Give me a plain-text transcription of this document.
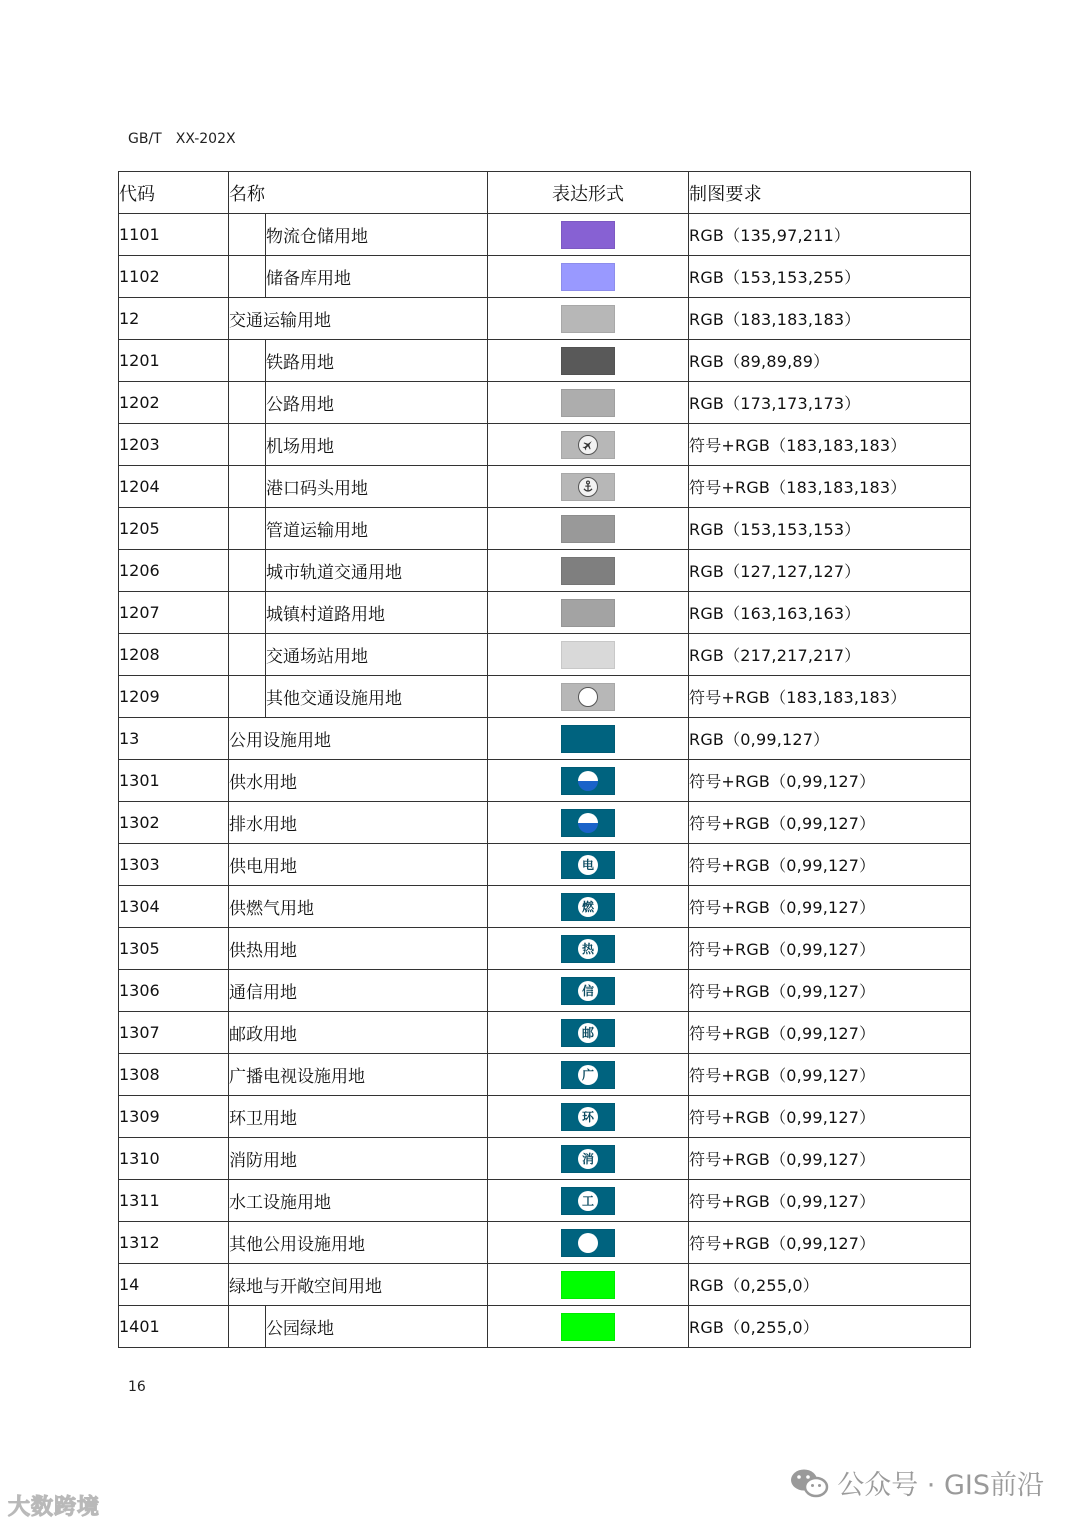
GB/T XX-202X
代码	名称		表达形式	制图要求
1101		物流仓储用地		RGB（135,97,211）
1102		储备库用地		RGB（153,153,255）
12	交通运输用地			RGB（183,183,183）
1201		铁路用地		RGB（89,89,89）
1202		公路用地		RGB（173,173,173）
1203		机场用地		符号+RGB（183,183,183）
1204		港口码头用地		符号+RGB（183,183,183）
1205		管道运输用地		RGB（153,153,153）
1206		城市轨道交通用地		RGB（127,127,127）
1207		城镇村道路用地		RGB（163,163,163）
1208		交通场站用地		RGB（217,217,217）
1209		其他交通设施用地		符号+RGB（183,183,183）
13	公用设施用地			RGB（0,99,127）
1301	供水用地			符号+RGB（0,99,127）
1302	排水用地			符号+RGB（0,99,127）
1303	供电用地		电	符号+RGB（0,99,127）
1304	供燃气用地		燃	符号+RGB（0,99,127）
1305	供热用地		热	符号+RGB（0,99,127）
1306	通信用地		信	符号+RGB（0,99,127）
1307	邮政用地		邮	符号+RGB（0,99,127）
1308	广播电视设施用地		广	符号+RGB（0,99,127）
1309	环卫用地		环	符号+RGB（0,99,127）
1310	消防用地		消	符号+RGB（0,99,127）
1311	水工设施用地		工	符号+RGB（0,99,127）
1312	其他公用设施用地			符号+RGB（0,99,127）
14	绿地与开敞空间用地			RGB（0,255,0）
1401		公园绿地		RGB（0,255,0）
16
大数跨境
公众号 · GIS前沿
